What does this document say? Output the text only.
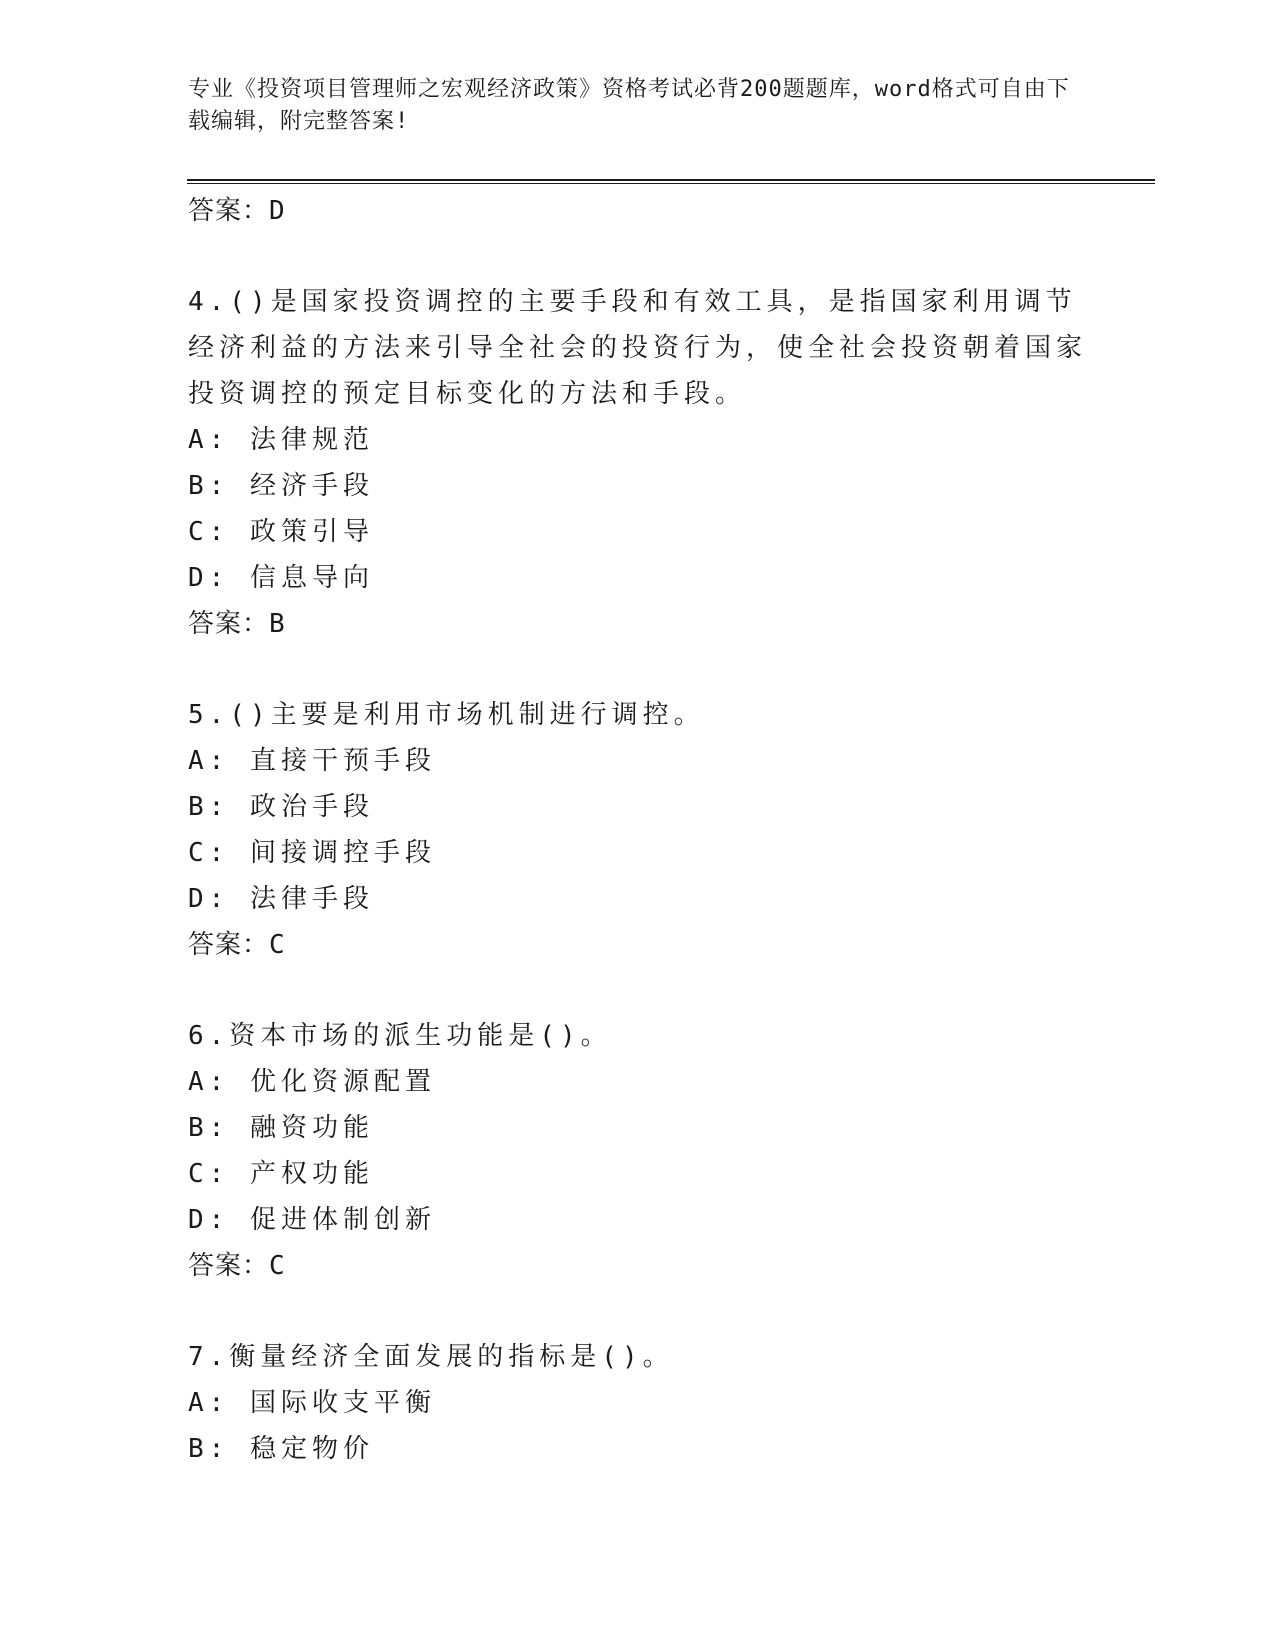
专业《投资项目管理师之宏观经济政策》资格考试必背200题题库，word格式可自由下载编辑，附完整答案!
答案：D
4.()是国家投资调控的主要手段和有效工具，是指国家利用调节经济利益的方法来引导全社会的投资行为，使全社会投资朝着国家投资调控的预定目标变化的方法和手段。
A: 法律规范
B: 经济手段
C: 政策引导
D: 信息导向
答案：B
5.()主要是利用市场机制进行调控。
A: 直接干预手段
B: 政治手段
C: 间接调控手段
D: 法律手段
答案：C
6.资本市场的派生功能是()。
A: 优化资源配置
B: 融资功能
C: 产权功能
D: 促进体制创新
答案：C
7.衡量经济全面发展的指标是()。
A: 国际收支平衡
B: 稳定物价
